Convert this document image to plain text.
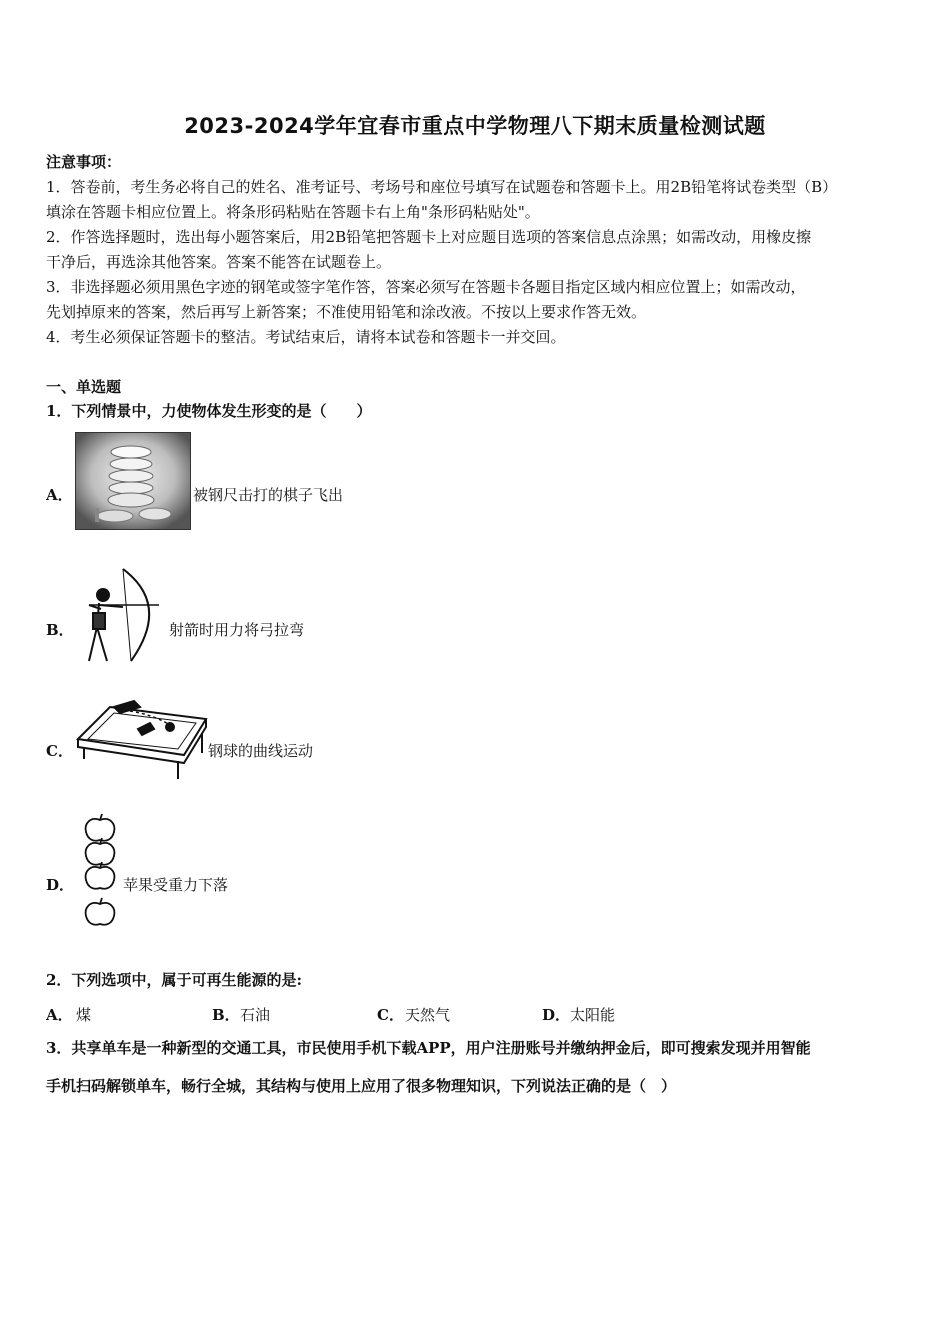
2023-2024学年宜春市重点中学物理八下期末质量检测试题
注意事项：
1．答卷前，考生务必将自己的姓名、准考证号、考场号和座位号填写在试题卷和答题卡上。用2B铅笔将试卷类型（B）
填涂在答题卡相应位置上。将条形码粘贴在答题卡右上角"条形码粘贴处"。
2．作答选择题时，选出每小题答案后，用2B铅笔把答题卡上对应题目选项的答案信息点涂黑；如需改动，用橡皮擦
干净后，再选涂其他答案。答案不能答在试题卷上。
3．非选择题必须用黑色字迹的钢笔或签字笔作答，答案必须写在答题卡各题目指定区域内相应位置上；如需改动，
先划掉原来的答案，然后再写上新答案；不准使用铅笔和涂改液。不按以上要求作答无效。
4．考生必须保证答题卡的整洁。考试结束后，请将本试卷和答题卡一并交回。
一、单选题
1．下列情景中，力使物体发生形变的是（　　）
A．	被钢尺击打的棋子飞出
B．	射箭时用力将弓拉弯
C．	钢球的曲线运动
D．	苹果受重力下落
2．下列选项中，属于可再生能源的是:
A． 煤	B． 石油	C． 天然气	D． 太阳能
3．共享单车是一种新型的交通工具，市民使用手机下载APP，用户注册账号并缴纳押金后，即可搜索发现并用智能
手机扫码解锁单车，畅行全城，其结构与使用上应用了很多物理知识，下列说法正确的是（　）
